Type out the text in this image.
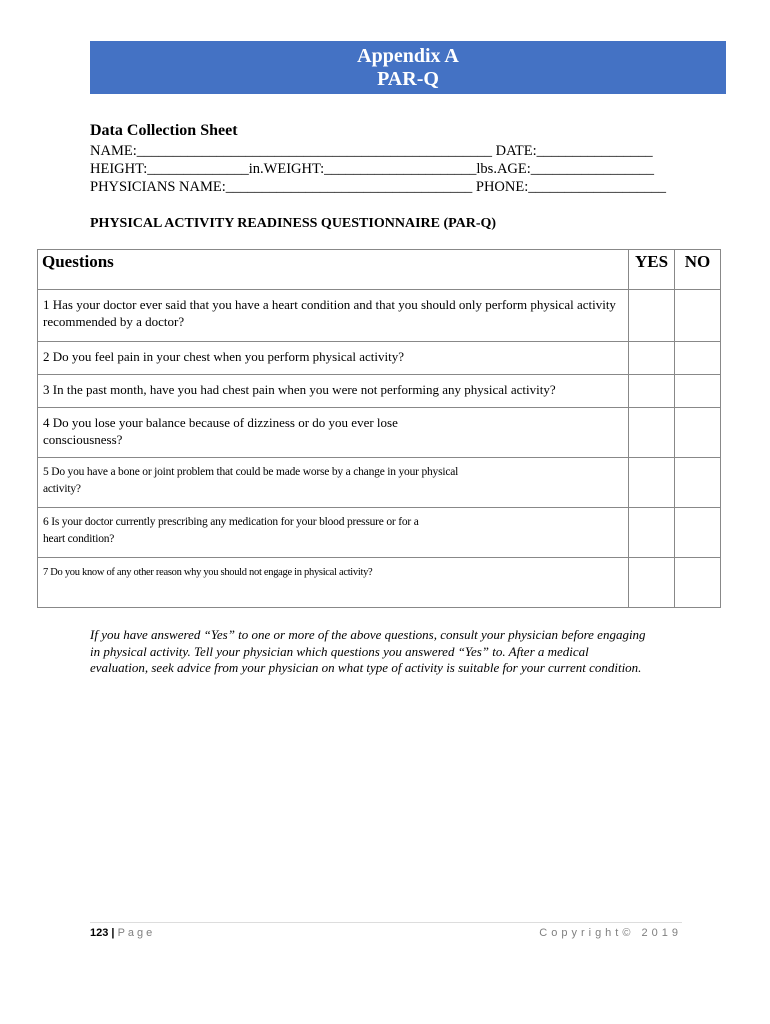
Appendix A
PAR-Q
Data Collection Sheet
NAME:_________________________________________________ DATE:________________
HEIGHT:______________in.WEIGHT:_____________________lbs.AGE:_________________
PHYSICIANS NAME:__________________________________ PHONE:___________________
PHYSICAL ACTIVITY READINESS QUESTIONNAIRE (PAR-Q)
Questions	YES	NO
1 Has your doctor ever said that you have a heart condition and that you should only perform physical activity recommended by a doctor?		
2 Do you feel pain in your chest when you perform physical activity?		
3 In the past month, have you had chest pain when you were not performing any physical activity?		

4 Do you lose your balance because of dizziness or do you ever lose consciousness?		

5 Do you have a bone or joint problem that could be made worse by a change in your physical activity?		

6 Is your doctor currently prescribing any medication for your blood pressure or for a heart condition?		

7 Do you know of any other reason why you should not engage in physical activity?		

If you have answered “Yes” to one or more of the above questions, consult your physician before engaging in physical activity. Tell your physician which questions you answered “Yes” to. After a medical evaluation, seek advice from your physician on what type of activity is suitable for your current condition.
123 | Page	Copyright© 2019
